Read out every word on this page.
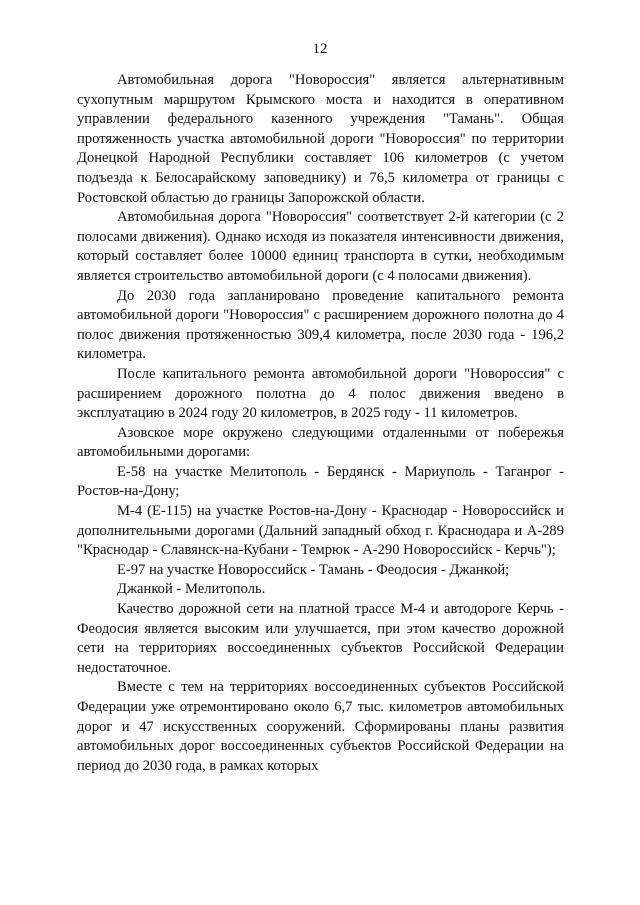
12

Автомобильная дорога "Новороссия" является альтернативным сухопутным маршрутом Крымского моста и находится в оперативном управлении федерального казенного учреждения "Тамань". Общая протяженность участка автомобильной дороги "Новороссия" по территории Донецкой Народной Республики составляет 106 километров (с учетом подъезда к Белосарайскому заповеднику) и 76,5 километра от границы с Ростовской областью до границы Запорожской области.

Автомобильная дорога "Новороссия" соответствует 2-й категории (с 2 полосами движения). Однако исходя из показателя интенсивности движения, который составляет более 10000 единиц транспорта в сутки, необходимым является строительство автомобильной дороги (с 4 полосами движения).

До 2030 года запланировано проведение капитального ремонта автомобильной дороги "Новороссия" с расширением дорожного полотна до 4 полос движения протяженностью 309,4 километра, после 2030 года - 196,2 километра.

После капитального ремонта автомобильной дороги "Новороссия" с расширением дорожного полотна до 4 полос движения введено в эксплуатацию в 2024 году 20 километров, в 2025 году - 11 километров.

Азовское море окружено следующими отдаленными от побережья автомобильными дорогами:

Е-58 на участке Мелитополь - Бердянск - Мариуполь - Таганрог - Ростов-на-Дону;

М-4 (Е-115) на участке Ростов-на-Дону - Краснодар - Новороссийск и дополнительными дорогами (Дальний западный обход г. Краснодара и А-289 "Краснодар - Славянск-на-Кубани - Темрюк - А-290 Новороссийск - Керчь");

Е-97 на участке Новороссийск - Тамань - Феодосия - Джанкой;

Джанкой - Мелитополь.

Качество дорожной сети на платной трассе М-4 и автодороге Керчь - Феодосия является высоким или улучшается, при этом качество дорожной сети на территориях воссоединенных субъектов Российской Федерации недостаточное.

Вместе с тем на территориях воссоединенных субъектов Российской Федерации уже отремонтировано около 6,7 тыс. километров автомобильных дорог и 47 искусственных сооружений. Сформированы планы развития автомобильных дорог воссоединенных субъектов Российской Федерации на период до 2030 года, в рамках которых
